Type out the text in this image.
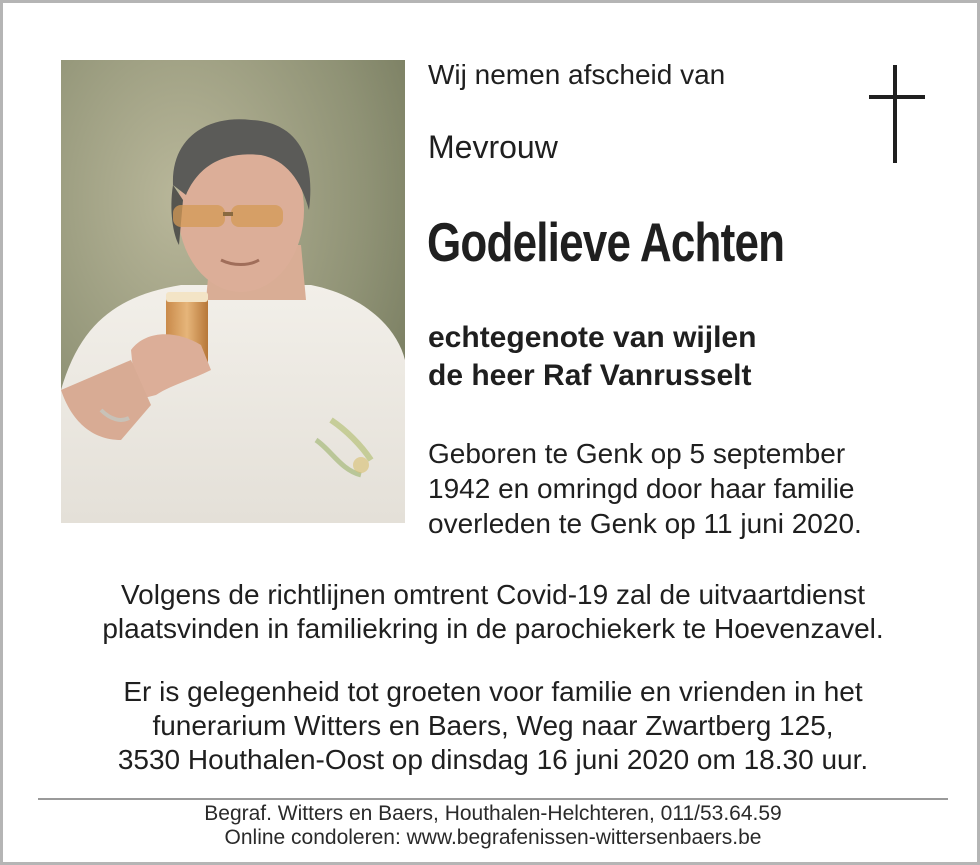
Wij nemen afscheid van

Mevrouw

Godelieve Achten

echtegenote van wijlen
de heer Raf Vanrusselt

Geboren te Genk op 5 september
1942 en omringd door haar familie
overleden te Genk op 11 juni 2020.

Volgens de richtlijnen omtrent Covid-19 zal de uitvaartdienst
plaatsvinden in familiekring in de parochiekerk te Hoevenzavel.

Er is gelegenheid tot groeten voor familie en vrienden in het
funerarium Witters en Baers, Weg naar Zwartberg 125,
3530 Houthalen-Oost op dinsdag 16 juni 2020 om 18.30 uur.

Begraf. Witters en Baers, Houthalen-Helchteren, 011/53.64.59
Online condoleren: www.begrafenissen-wittersenbaers.be
